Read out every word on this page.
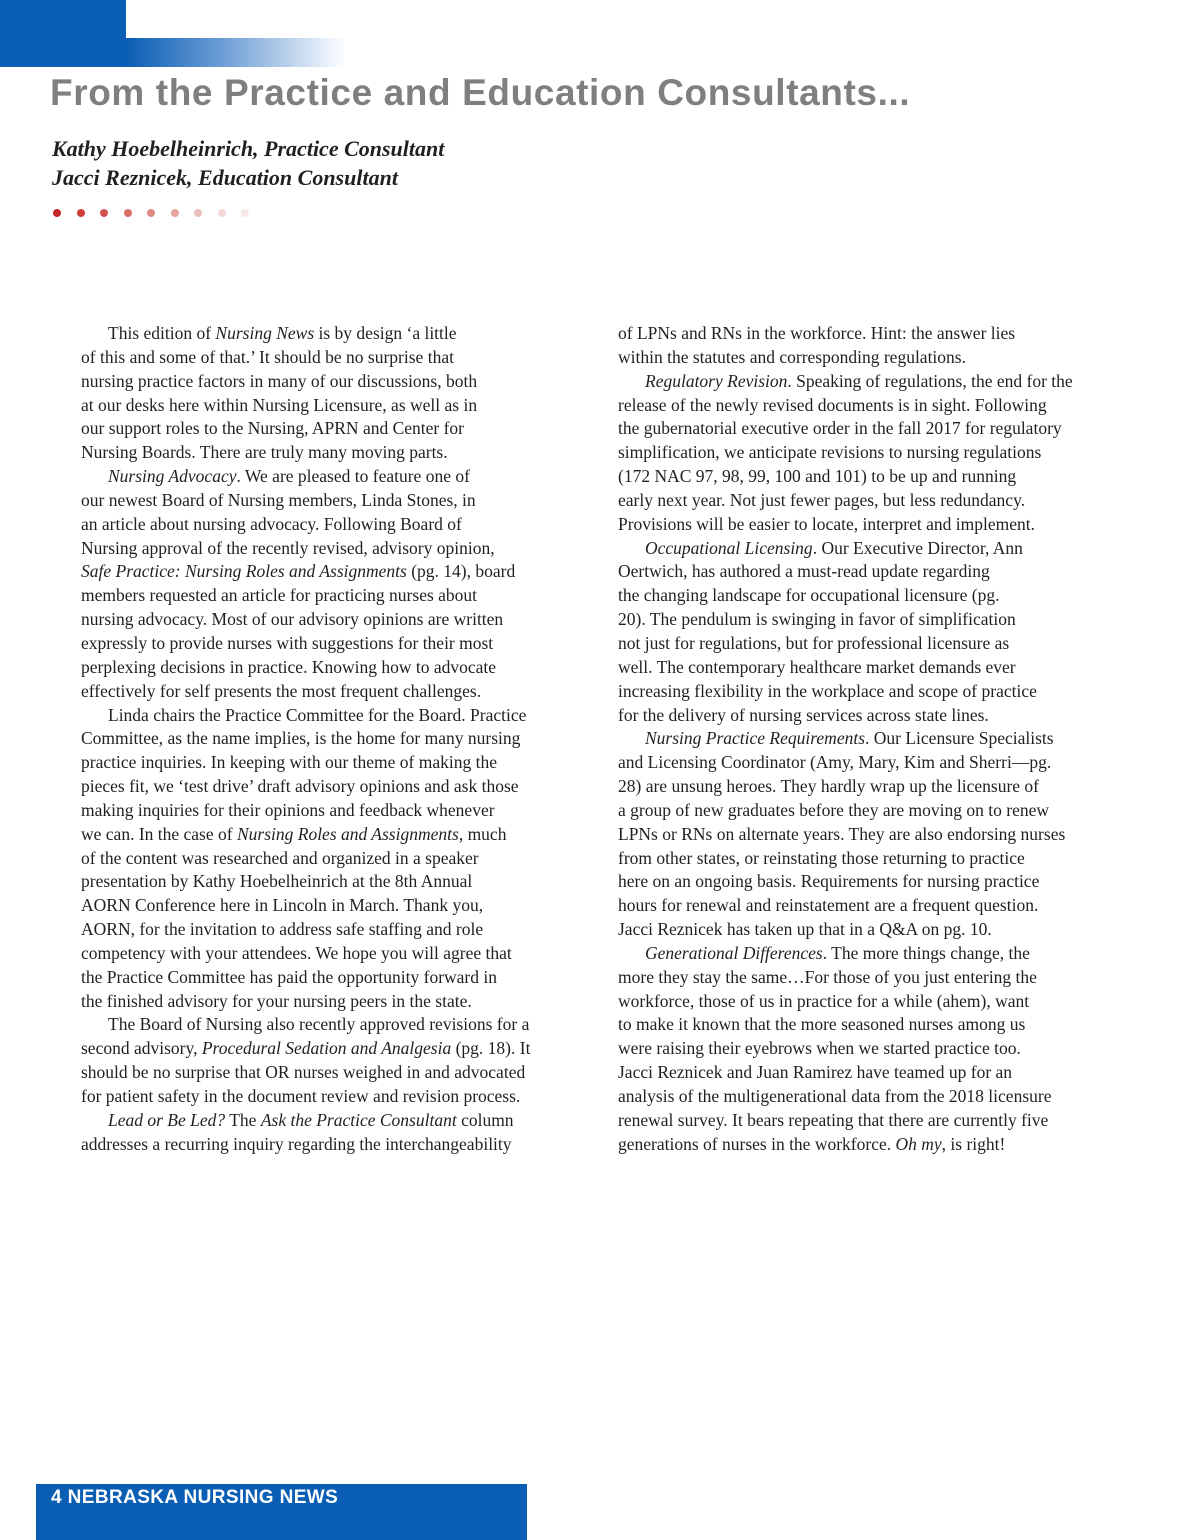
From the Practice and Education Consultants...
Kathy Hoebelheinrich, Practice Consultant
Jacci Reznicek, Education Consultant
This edition of Nursing News is by design ‘a little
of this and some of that.’ It should be no surprise that
nursing practice factors in many of our discussions, both
at our desks here within Nursing Licensure, as well as in
our support roles to the Nursing, APRN and Center for
Nursing Boards. There are truly many moving parts.
Nursing Advocacy. We are pleased to feature one of
our newest Board of Nursing members, Linda Stones, in
an article about nursing advocacy. Following Board of
Nursing approval of the recently revised, advisory opinion,
Safe Practice: Nursing Roles and Assignments (pg. 14), board
members requested an article for practicing nurses about
nursing advocacy. Most of our advisory opinions are written
expressly to provide nurses with suggestions for their most
perplexing decisions in practice. Knowing how to advocate
effectively for self presents the most frequent challenges.
Linda chairs the Practice Committee for the Board. Practice
Committee, as the name implies, is the home for many nursing
practice inquiries. In keeping with our theme of making the
pieces fit, we ‘test drive’ draft advisory opinions and ask those
making inquiries for their opinions and feedback whenever
we can. In the case of Nursing Roles and Assignments, much
of the content was researched and organized in a speaker
presentation by Kathy Hoebelheinrich at the 8th Annual
AORN Conference here in Lincoln in March. Thank you,
AORN, for the invitation to address safe staffing and role
competency with your attendees. We hope you will agree that
the Practice Committee has paid the opportunity forward in
the finished advisory for your nursing peers in the state.
The Board of Nursing also recently approved revisions for a
second advisory, Procedural Sedation and Analgesia (pg. 18). It
should be no surprise that OR nurses weighed in and advocated
for patient safety in the document review and revision process.
Lead or Be Led? The Ask the Practice Consultant column
addresses a recurring inquiry regarding the interchangeability
of LPNs and RNs in the workforce. Hint: the answer lies
within the statutes and corresponding regulations.
Regulatory Revision. Speaking of regulations, the end for the
release of the newly revised documents is in sight. Following
the gubernatorial executive order in the fall 2017 for regulatory
simplification, we anticipate revisions to nursing regulations
(172 NAC 97, 98, 99, 100 and 101) to be up and running
early next year. Not just fewer pages, but less redundancy.
Provisions will be easier to locate, interpret and implement.
Occupational Licensing. Our Executive Director, Ann
Oertwich, has authored a must-read update regarding
the changing landscape for occupational licensure (pg.
20). The pendulum is swinging in favor of simplification
not just for regulations, but for professional licensure as
well. The contemporary healthcare market demands ever
increasing flexibility in the workplace and scope of practice
for the delivery of nursing services across state lines.
Nursing Practice Requirements. Our Licensure Specialists
and Licensing Coordinator (Amy, Mary, Kim and Sherri—pg.
28) are unsung heroes. They hardly wrap up the licensure of
a group of new graduates before they are moving on to renew
LPNs or RNs on alternate years. They are also endorsing nurses
from other states, or reinstating those returning to practice
here on an ongoing basis. Requirements for nursing practice
hours for renewal and reinstatement are a frequent question.
Jacci Reznicek has taken up that in a Q&A on pg. 10.
Generational Differences. The more things change, the
more they stay the same…For those of you just entering the
workforce, those of us in practice for a while (ahem), want
to make it known that the more seasoned nurses among us
were raising their eyebrows when we started practice too.
Jacci Reznicek and Juan Ramirez have teamed up for an
analysis of the multigenerational data from the 2018 licensure
renewal survey. It bears repeating that there are currently five
generations of nurses in the workforce. Oh my, is right!
4 NEBRASKA NURSING NEWS
